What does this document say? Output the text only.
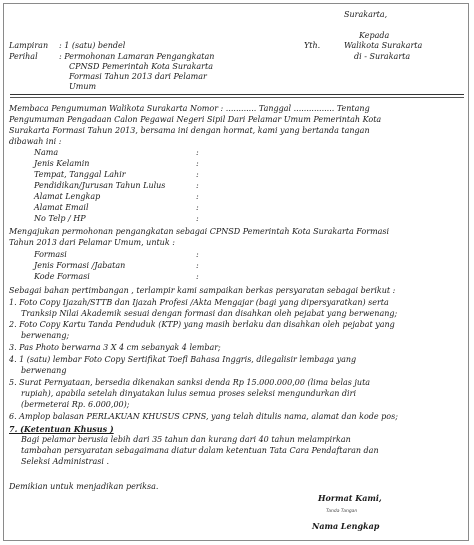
Surakarta,
Kepada
Yth.	Walikota Surakarta
di - Surakarta
Lampiran : 1 (satu) bendel
Perihal	: Permohonan Lamaran Pengangkatan
CPNSD Pemerintah Kota Surakarta
Formasi Tahun 2013 dari Pelamar
Umum
Membaca Pengumuman Walikota Surakarta Nomor : ............ Tanggal ................ Tentang
Pengumuman Pengadaan Calon Pegawai Negeri Sipil Dari Pelamar Umum Pemerintah Kota
Surakarta Formasi Tahun 2013, bersama ini dengan hormat, kami yang bertanda tangan
dibawah ini :
Nama	:
Jenis Kelamin	:
Tempat, Tanggal Lahir	:
Pendidikan/Jurusan Tahun Lulus	:
Alamat Lengkap	:
Alamat Email	:
No Telp / HP	:
Mengajukan permohonan pengangkatan sebagai CPNSD Pemerintah Kota Surakarta Formasi
Tahun 2013 dari Pelamar Umum, untuk :
Formasi	:
Jenis Formasi /Jabatan	:
Kode Formasi	:
Sebagai bahan pertimbangan , terlampir kami sampaikan berkas persyaratan sebagai berikut :
1. Foto Copy Ijazah/STTB dan Ijazah Profesi /Akta Mengajar (bagi yang dipersyaratkan) serta
Tranksip Nilai Akademik sesuai dengan formasi dan disahkan oleh pejabat yang berwenang;
2. Foto Copy Kartu Tanda Penduduk (KTP) yang masih berlaku dan disahkan oleh pejabat yang
berwenang;
3. Pas Photo berwarna 3 X 4 cm sebanyak 4 lembar;
4. 1 (satu) lembar Foto Copy Sertifikat Toefl Bahasa Inggris, dilegalisir lembaga yang
berwenang
5. Surat Pernyataan, bersedia dikenakan sanksi denda Rp 15.000.000,00 (lima belas juta
rupiah), apabila setelah dinyatakan lulus semua proses seleksi mengundurkan diri
(bermeterai Rp. 6.000,00);
6. Amplop balasan PERLAKUAN KHUSUS CPNS, yang telah ditulis nama, alamat dan kode pos;
7. (Ketentuan Khusus )
Bagi pelamar berusia lebih dari 35 tahun dan kurang dari 40 tahun melampirkan
tambahan persyaratan sebagaimana diatur dalam ketentuan Tata Cara Pendaftaran dan
Seleksi Administrasi .
Demikian untuk menjadikan periksa.
Hormat Kami,
Tanda Tangan
Nama Lengkap
